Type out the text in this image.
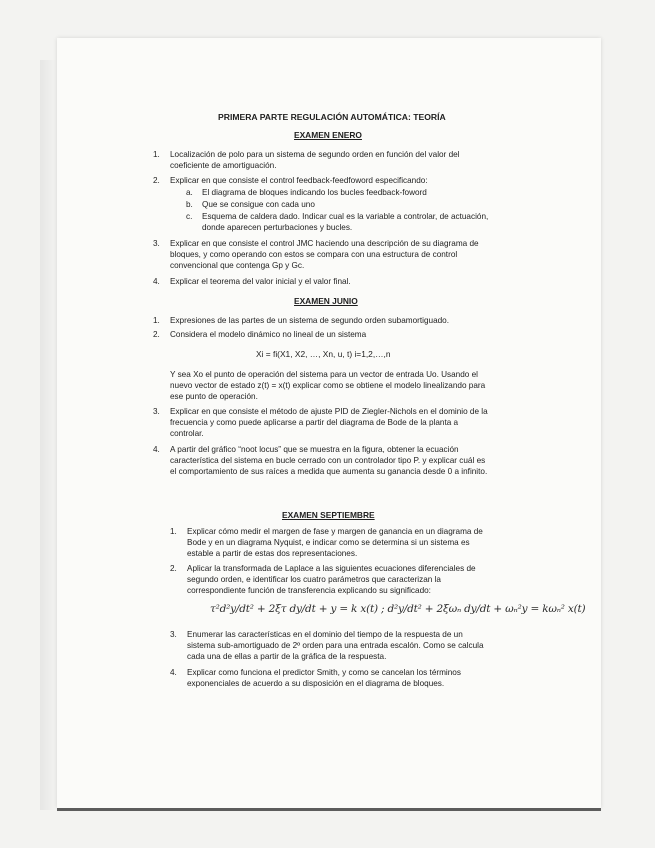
PRIMERA PARTE REGULACIÓN AUTOMÁTICA: TEORÍA
EXAMEN ENERO
1. Localización de polo para un sistema de segundo orden en función del valor del
coeficiente de amortiguación.
2. Explicar en que consiste el control feedback-feedfoword especificando:
a. El diagrama de bloques indicando los bucles feedback-foword
b. Que se consigue con cada uno
c. Esquema de caldera dado. Indicar cual es la variable a controlar, de actuación,
donde aparecen perturbaciones y bucles.
3. Explicar en que consiste el control JMC haciendo una descripción de su diagrama de
bloques, y como operando con estos se compara con una estructura de control
convencional que contenga Gp y Gc.
4. Explicar el teorema del valor inicial y el valor final.
EXAMEN JUNIO
1. Expresiones de las partes de un sistema de segundo orden subamortiguado.
2. Considera el modelo dinámico no lineal de un sistema
Xi = fi(X1, X2, …, Xn, u, t) i=1,2,…,n
Y sea Xo el punto de operación del sistema para un vector de entrada Uo. Usando el
nuevo vector de estado z(t) = x(t) explicar como se obtiene el modelo linealizando para
ese punto de operación.
3. Explicar en que consiste el método de ajuste PID de Ziegler-Nichols en el dominio de la
frecuencia y como puede aplicarse a partir del diagrama de Bode de la planta a
controlar.
4. A partir del gráfico “noot locus” que se muestra en la figura, obtener la ecuación
característica del sistema en bucle cerrado con un controlador tipo P. y explicar cuál es
el comportamiento de sus raíces a medida que aumenta su ganancia desde 0 a infinito.
EXAMEN SEPTIEMBRE
1. Explicar cómo medir el margen de fase y margen de ganancia en un diagrama de
Bode y en un diagrama Nyquist, e indicar como se determina si un sistema es
estable a partir de estas dos representaciones.
2. Aplicar la transformada de Laplace a las siguientes ecuaciones diferenciales de
segundo orden, e identificar los cuatro parámetros que caracterizan la
correspondiente función de transferencia explicando su significado:
τ²d²y/dt² + 2ξτ dy/dt + y = k x(t) ; d²y/dt² + 2ξωₙ dy/dt + ωₙ²y = kωₙ² x(t)
3. Enumerar las características en el dominio del tiempo de la respuesta de un
sistema sub-amortiguado de 2º orden para una entrada escalón. Como se calcula
cada una de ellas a partir de la gráfica de la respuesta.
4. Explicar como funciona el predictor Smith, y como se cancelan los términos
exponenciales de acuerdo a su disposición en el diagrama de bloques.
